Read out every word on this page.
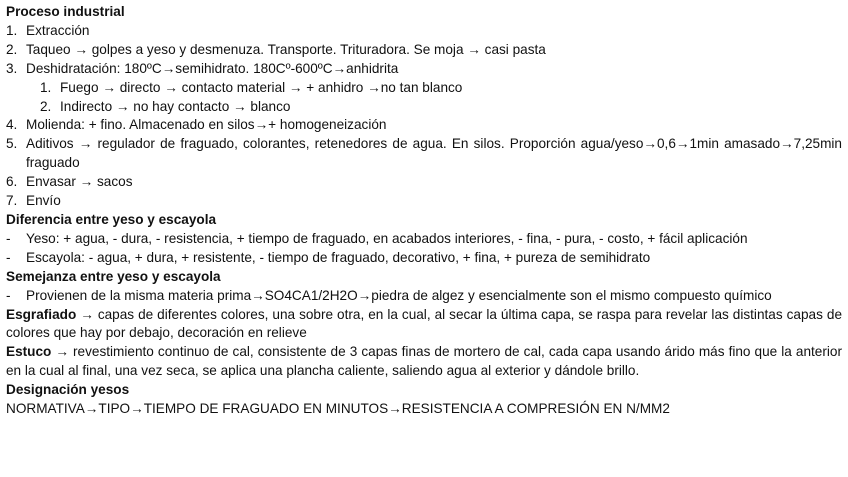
Proceso industrial
1. Extracción
2. Taqueo → golpes a yeso y desmenuza. Transporte. Trituradora. Se moja → casi pasta
3. Deshidratación: 180ºC→semihidrato. 180Cº-600ºC→anhidrita
1. Fuego → directo → contacto material → + anhidro →no tan blanco
2. Indirecto → no hay contacto → blanco
4. Molienda: + fino. Almacenado en silos→+ homogeneización
5. Aditivos → regulador de fraguado, colorantes, retenedores de agua. En silos. Proporción agua/yeso→0,6→1min amasado→7,25min fraguado
6. Envasar → sacos
7. Envío
Diferencia entre yeso y escayola
-	Yeso: + agua, - dura, - resistencia, + tiempo de fraguado, en acabados interiores, - fina, - pura, - costo, + fácil aplicación
-	Escayola: - agua, + dura, + resistente, - tiempo de fraguado, decorativo, + fina, + pureza de semihidrato
Semejanza entre yeso y escayola
-	Provienen de la misma materia prima→SO4CA1/2H2O→piedra de algez y esencialmente son el mismo compuesto químico
Esgrafiado → capas de diferentes colores, una sobre otra, en la cual, al secar la última capa, se raspa para revelar las distintas capas de colores que hay por debajo, decoración en relieve
Estuco → revestimiento continuo de cal, consistente de 3 capas finas de mortero de cal, cada capa usando árido más fino que la anterior en la cual al final, una vez seca, se aplica una plancha caliente, saliendo agua al exterior y dándole brillo.
Designación yesos
NORMATIVA→TIPO→TIEMPO DE FRAGUADO EN MINUTOS→RESISTENCIA A COMPRESIÓN EN N/MM2
